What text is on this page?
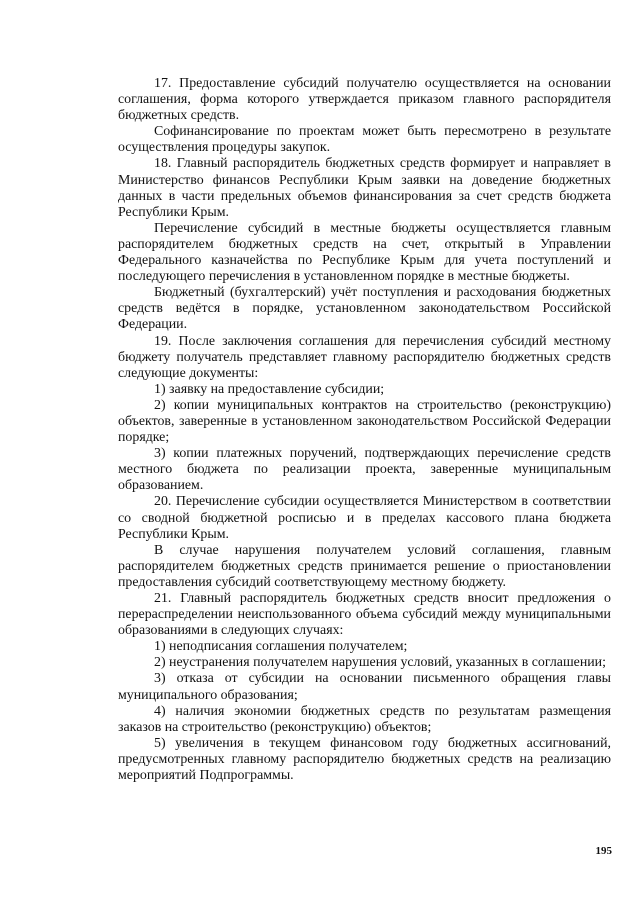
17. Предоставление субсидий получателю осуществляется на основании соглашения, форма которого утверждается приказом главного распорядителя бюджетных средств.

Софинансирование по проектам может быть пересмотрено в результате осуществления процедуры закупок.

18. Главный распорядитель бюджетных средств формирует и направляет в Министерство финансов Республики Крым заявки на доведение бюджетных данных в части предельных объемов финансирования за счет средств бюджета Республики Крым.

Перечисление субсидий в местные бюджеты осуществляется главным распорядителем бюджетных средств на счет, открытый в Управлении Федерального казначейства по Республике Крым для учета поступлений и последующего перечисления в установленном порядке в местные бюджеты.

Бюджетный (бухгалтерский) учёт поступления и расходования бюджетных средств ведётся в порядке, установленном законодательством Российской Федерации.

19. После заключения соглашения для перечисления субсидий местному бюджету получатель представляет главному распорядителю бюджетных средств следующие документы:

1) заявку на предоставление субсидии;

2) копии муниципальных контрактов на строительство (реконструкцию) объектов, заверенные в установленном законодательством Российской Федерации порядке;

3) копии платежных поручений, подтверждающих перечисление средств местного бюджета по реализации проекта, заверенные муниципальным образованием.

20. Перечисление субсидии осуществляется Министерством в соответствии со сводной бюджетной росписью и в пределах кассового плана бюджета Республики Крым.

В случае нарушения получателем условий соглашения, главным распорядителем бюджетных средств принимается решение о приостановлении предоставления субсидий соответствующему местному бюджету.

21. Главный распорядитель бюджетных средств вносит предложения о перераспределении неиспользованного объема субсидий между муниципальными образованиями в следующих случаях:

1) неподписания соглашения получателем;

2) неустранения получателем нарушения условий, указанных в соглашении;

3) отказа от субсидии на основании письменного обращения главы муниципального образования;

4) наличия экономии бюджетных средств по результатам размещения заказов на строительство (реконструкцию) объектов;

5) увеличения в текущем финансовом году бюджетных ассигнований, предусмотренных главному распорядителю бюджетных средств на реализацию мероприятий Подпрограммы.

195
